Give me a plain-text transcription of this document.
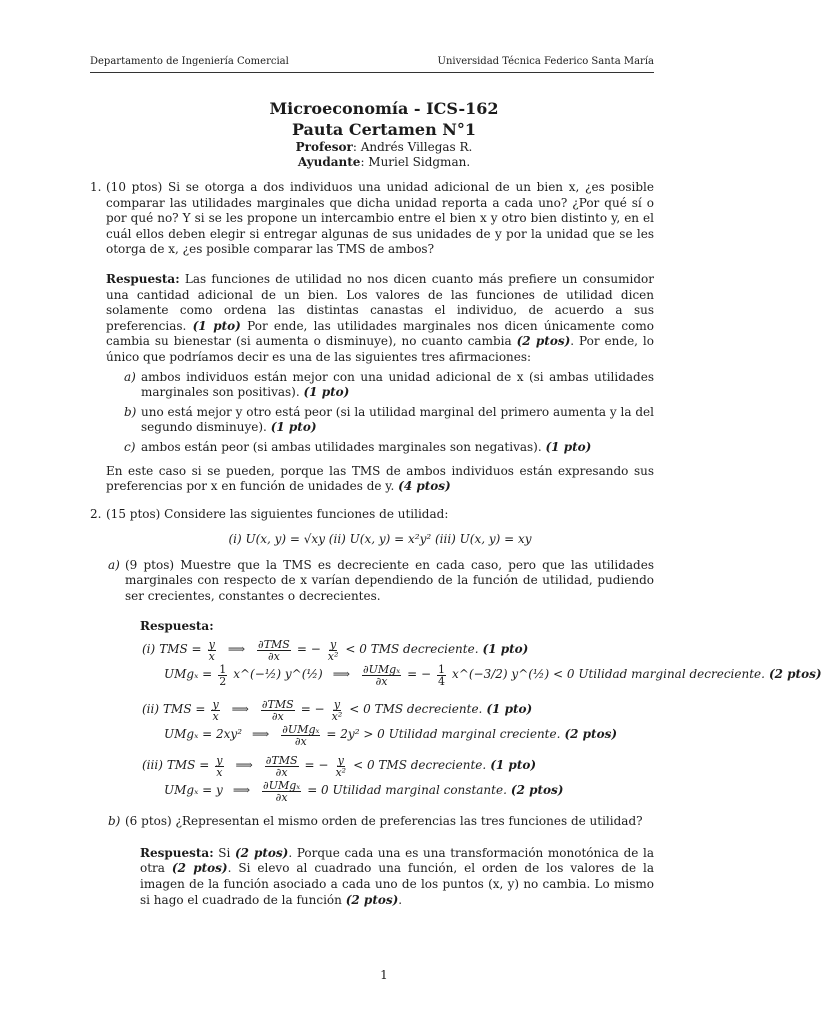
Departamento de Ingeniería Comercial	Universidad Técnica Federico Santa María
Microeconomía - ICS-162
Pauta Certamen N°1
Profesor: Andrés Villegas R.
Ayudante: Muriel Sidgman.
1. (10 ptos) Si se otorga a dos individuos una unidad adicional de un bien x, ¿es posible comparar las utilidades marginales que dicha unidad reporta a cada uno? ¿Por qué sí o por qué no? Y si se les propone un intercambio entre el bien x y otro bien distinto y, en el cuál ellos deben elegir si entregar algunas de sus unidades de y por la unidad que se les otorga de x, ¿es posible comparar las TMS de ambos?
Respuesta: Las funciones de utilidad no nos dicen cuanto más prefiere un consumidor una cantidad adicional de un bien. Los valores de las funciones de utilidad dicen solamente como ordena las distintas canastas el individuo, de acuerdo a sus preferencias. (1 pto) Por ende, las utilidades marginales nos dicen únicamente como cambia su bienestar (si aumenta o disminuye), no cuanto cambia (2 ptos). Por ende, lo único que podríamos decir es una de las siguientes tres afirmaciones:
a) ambos individuos están mejor con una unidad adicional de x (si ambas utilidades marginales son positivas). (1 pto)
b) uno está mejor y otro está peor (si la utilidad marginal del primero aumenta y la del segundo disminuye). (1 pto)
c) ambos están peor (si ambas utilidades marginales son negativas). (1 pto)
En este caso si se pueden, porque las TMS de ambos individuos están expresando sus preferencias por x en función de unidades de y. (4 ptos)
2. (15 ptos) Considere las siguientes funciones de utilidad:
(i) U(x, y) = √xy (ii) U(x, y) = x²y² (iii) U(x, y) = xy
a) (9 ptos) Muestre que la TMS es decreciente en cada caso, pero que las utilidades marginales con respecto de x varían dependiendo de la función de utilidad, pudiendo ser crecientes, constantes o decrecientes.
Respuesta:
(i) TMS = $\frac{y}{x}$ ⟹ $\frac{\text{∂TMS}}{\partial x}$ = − $\frac{y}{\text{x²}} < 0$ TMS decreciente. (1 pto)
$UMg_x = \frac{1}{2}$ x^(−½) y^(½) ⟹ $\frac{\text{∂UMgₓ}}{\partial x}$ = − $\frac{1}{4}$ x^(−3/2) y^(½) < 0 Utilidad marginal decreciente. (2 ptos)
(ii) TMS = $\frac{y}{x}$ ⟹ $\frac{\text{∂TMS}}{\partial x}$ = − $\frac{y}{\text{x²}} < 0$ TMS decreciente. (1 pto)
UMgₓ = 2xy² ⟹ $\frac{\text{∂UMgₓ}}{\partial x} = 2y^2 > 0$ Utilidad marginal creciente. (2 ptos)
(iii) TMS = $\frac{y}{x}$ ⟹ $\frac{\text{∂TMS}}{\partial x}$ = − $\frac{y}{\text{x²}} < 0$ TMS decreciente. (1 pto)
UMgₓ = y ⟹ $\frac{\text{∂UMgₓ}}{\partial x} = 0$ Utilidad marginal constante. (2 ptos)
b) (6 ptos) ¿Representan el mismo orden de preferencias las tres funciones de utilidad?
Respuesta: Si (2 ptos). Porque cada una es una transformación monotónica de la otra (2 ptos). Si elevo al cuadrado una función, el orden de los valores de la imagen de la función asociado a cada uno de los puntos (x, y) no cambia. Lo mismo si hago el cuadrado de la función (2 ptos).
1
